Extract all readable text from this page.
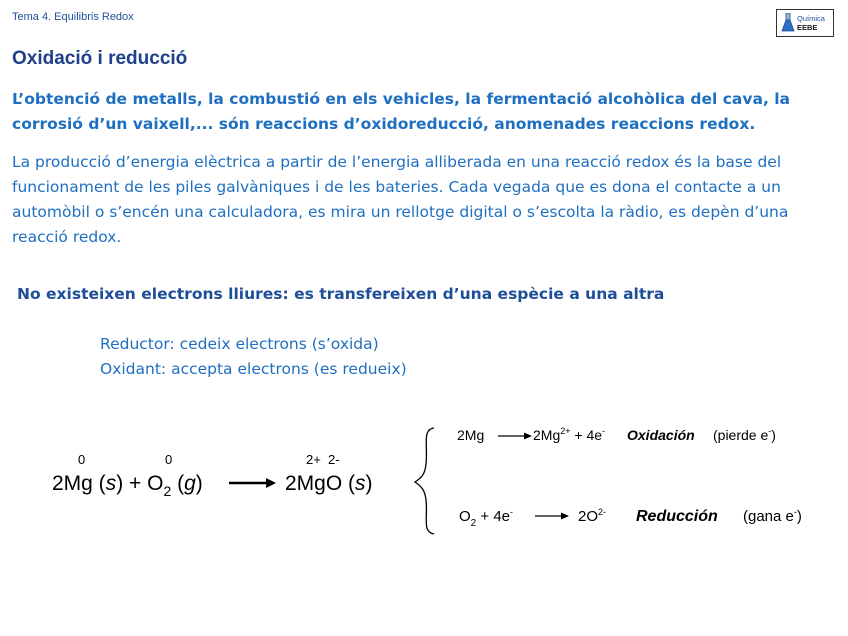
Tema 4. Equilibris Redox	Química
EEBE
Oxidació i reducció
L’obtenció de metalls, la combustió en els vehicles, la fermentació alcohòlica del cava, la corrosió d’un vaixell,... són reaccions d’oxidoreducció, anomenades reaccions redox.
La producció d’energia elèctrica a partir de l’energia alliberada en una reacció redox és la base del funcionament de les piles galvàniques i de les bateries. Cada vegada que es dona el contacte a un automòbil o s’encén una calculadora, es mira un rellotge digital o s’escolta la ràdio, es depèn d’una reacció redox.
No existeixen electrons lliures: es transfereixen d’una espècie a una altra
Reductor: cedeix electrons (s’oxida)
Oxidant: accepta electrons (es redueix)
0	0	2+  2-
2Mg $(s) + O_2$ (g)	2MgO (s)
2Mg	$2Mg^{2+} + 4e^-$ Oxidación (pierde e-)
$O_2 + 4e^-$	$2O^{2-}$ Reducción (gana e-)
